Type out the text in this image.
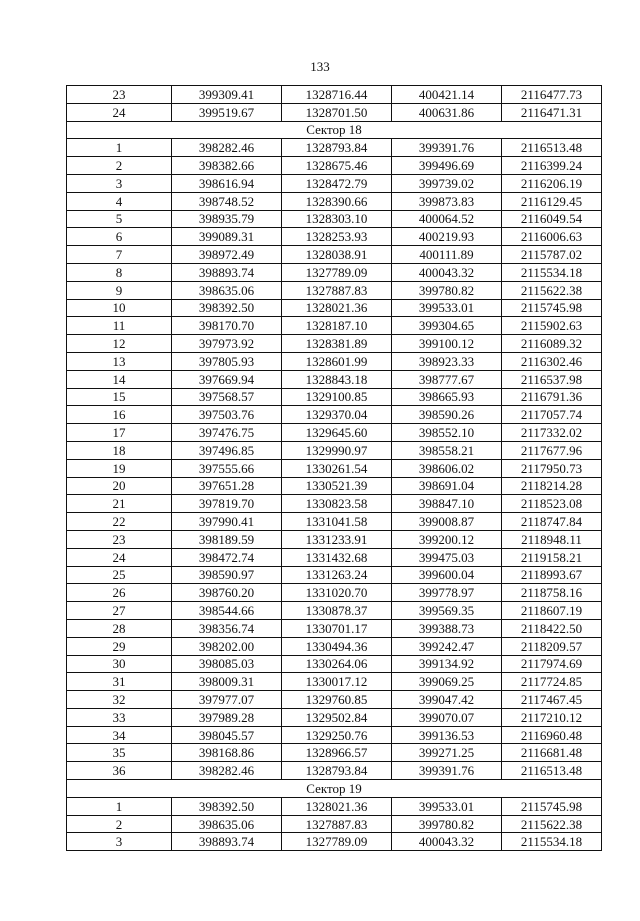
133
23	399309.41	1328716.44	400421.14	2116477.73
24	399519.67	1328701.50	400631.86	2116471.31
Сектор 18				
1	398282.46	1328793.84	399391.76	2116513.48
2	398382.66	1328675.46	399496.69	2116399.24
3	398616.94	1328472.79	399739.02	2116206.19
4	398748.52	1328390.66	399873.83	2116129.45
5	398935.79	1328303.10	400064.52	2116049.54
6	399089.31	1328253.93	400219.93	2116006.63
7	398972.49	1328038.91	400111.89	2115787.02
8	398893.74	1327789.09	400043.32	2115534.18
9	398635.06	1327887.83	399780.82	2115622.38
10	398392.50	1328021.36	399533.01	2115745.98
11	398170.70	1328187.10	399304.65	2115902.63
12	397973.92	1328381.89	399100.12	2116089.32
13	397805.93	1328601.99	398923.33	2116302.46
14	397669.94	1328843.18	398777.67	2116537.98
15	397568.57	1329100.85	398665.93	2116791.36
16	397503.76	1329370.04	398590.26	2117057.74
17	397476.75	1329645.60	398552.10	2117332.02
18	397496.85	1329990.97	398558.21	2117677.96
19	397555.66	1330261.54	398606.02	2117950.73
20	397651.28	1330521.39	398691.04	2118214.28
21	397819.70	1330823.58	398847.10	2118523.08
22	397990.41	1331041.58	399008.87	2118747.84
23	398189.59	1331233.91	399200.12	2118948.11
24	398472.74	1331432.68	399475.03	2119158.21
25	398590.97	1331263.24	399600.04	2118993.67
26	398760.20	1331020.70	399778.97	2118758.16
27	398544.66	1330878.37	399569.35	2118607.19
28	398356.74	1330701.17	399388.73	2118422.50
29	398202.00	1330494.36	399242.47	2118209.57
30	398085.03	1330264.06	399134.92	2117974.69
31	398009.31	1330017.12	399069.25	2117724.85
32	397977.07	1329760.85	399047.42	2117467.45
33	397989.28	1329502.84	399070.07	2117210.12
34	398045.57	1329250.76	399136.53	2116960.48
35	398168.86	1328966.57	399271.25	2116681.48
36	398282.46	1328793.84	399391.76	2116513.48
Сектор 19				
1	398392.50	1328021.36	399533.01	2115745.98
2	398635.06	1327887.83	399780.82	2115622.38
3	398893.74	1327789.09	400043.32	2115534.18
